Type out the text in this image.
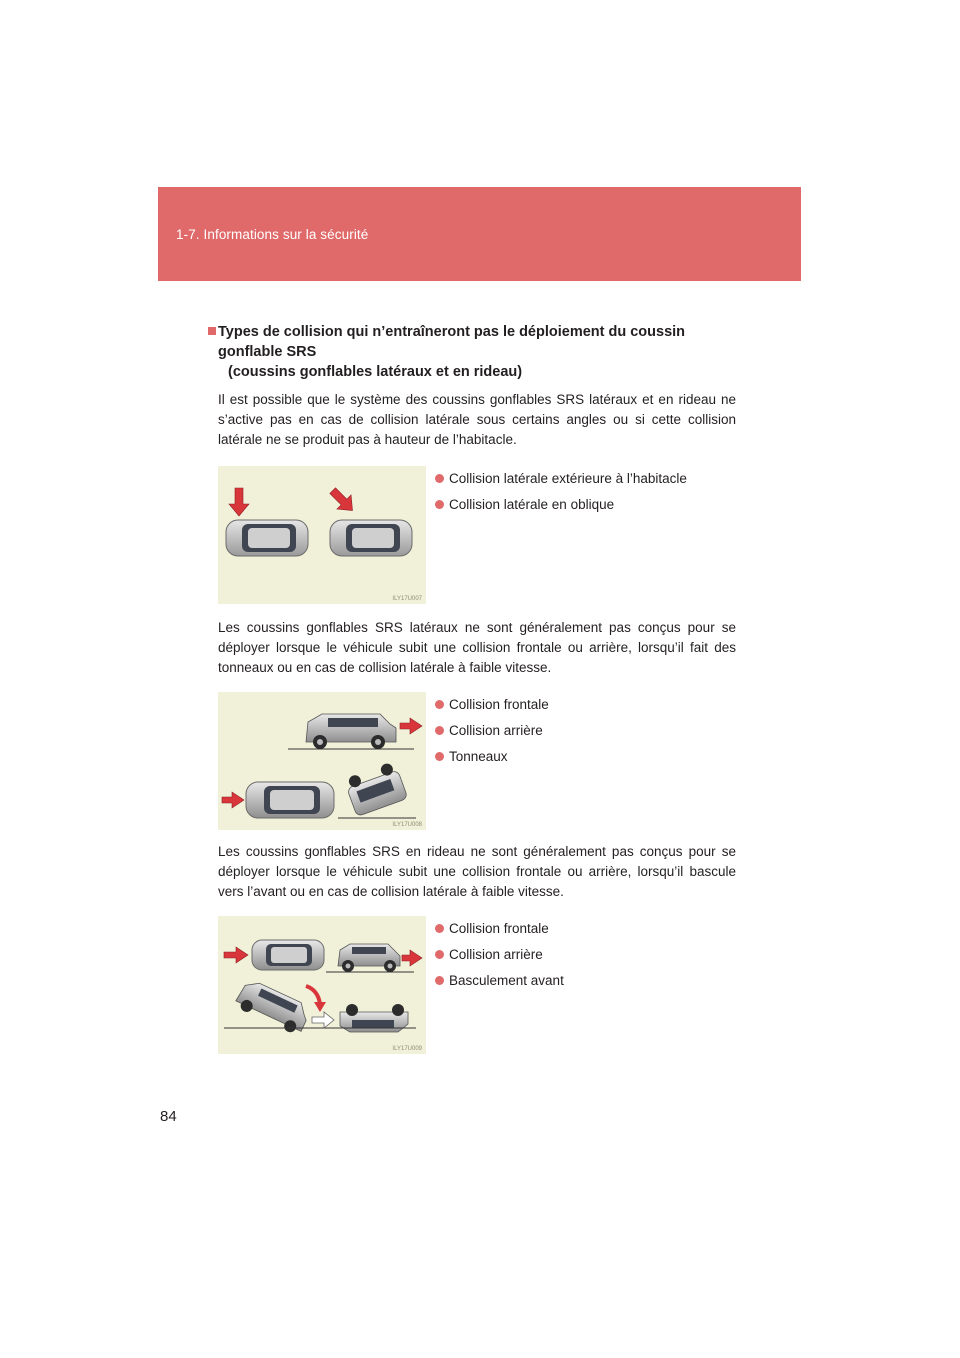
1-7. Informations sur la sécurité

Types de collision qui n’entraîneront pas le déploiement du coussin gonflable SRS
(coussins gonflables latéraux et en rideau)

Il est possible que le système des coussins gonflables SRS latéraux et en rideau ne s’active pas en cas de collision latérale sous certains angles ou si cette collision latérale ne se produit pas à hauteur de l’habitacle.

ILY17U007
Collision latérale extérieure à l’habitacle
Collision latérale en oblique

Les coussins gonflables SRS latéraux ne sont généralement pas conçus pour se déployer lorsque le véhicule subit une collision frontale ou arrière, lorsqu’il fait des tonneaux ou en cas de collision latérale à faible vitesse.

ILY17U008
Collision frontale
Collision arrière
Tonneaux

Les coussins gonflables SRS en rideau ne sont généralement pas conçus pour se déployer lorsque le véhicule subit une collision frontale ou arrière, lorsqu’il bascule vers l’avant ou en cas de collision latérale à faible vitesse.

ILY17U009
Collision frontale
Collision arrière
Basculement avant
84
